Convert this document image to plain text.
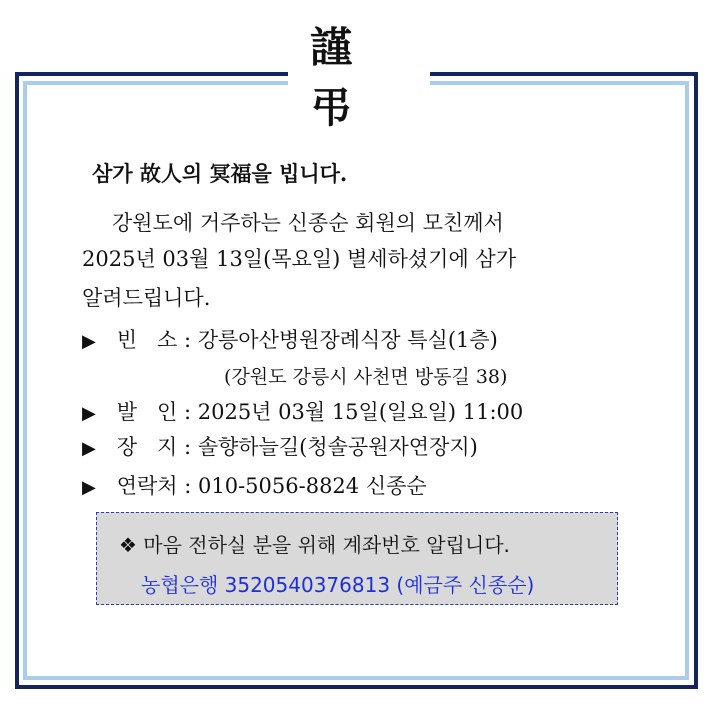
謹 弔
삼가 故人의 冥福을 빕니다.
강원도에 거주하는 신종순 회원의 모친께서
2025년 03월 13일(목요일) 별세하셨기에 삼가
알려드립니다.
▶ 빈   소 : 강릉아산병원장례식장 특실(1층)
(강원도 강릉시 사천면 방동길 38)
▶ 발   인 : 2025년 03월 15일(일요일) 11:00
▶ 장   지 : 솔향하늘길(청솔공원자연장지)
▶ 연락처 : 010-5056-8824 신종순
❖ 마음 전하실 분을 위해 계좌번호 알립니다.
농협은행 3520540376813 (예금주 신종순)
